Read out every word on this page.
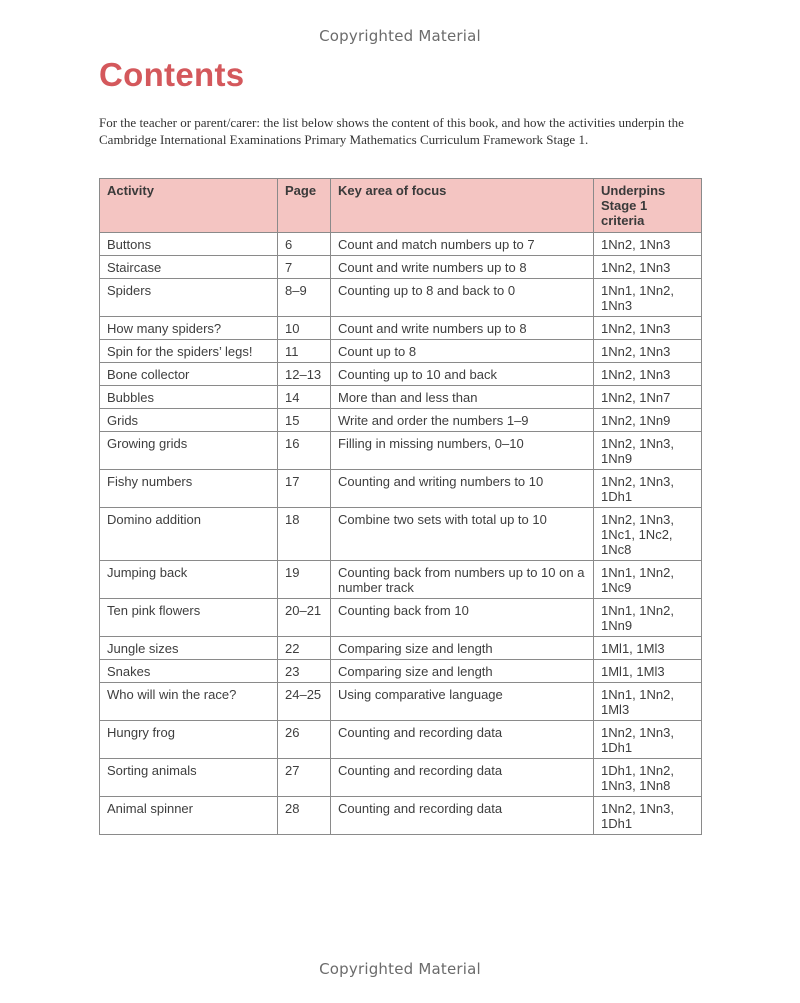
Copyrighted Material
Contents

For the teacher or parent/carer: the list below shows the content of this book, and how the activities underpin the Cambridge International Examinations Primary Mathematics Curriculum Framework Stage 1.

Activity	Page	Key area of focus	Underpins Stage 1 criteria
Buttons	6	Count and match numbers up to 7	1Nn2, 1Nn3
Staircase	7	Count and write numbers up to 8	1Nn2, 1Nn3
Spiders	8–9	Counting up to 8 and back to 0	1Nn1, 1Nn2, 1Nn3
How many spiders?	10	Count and write numbers up to 8	1Nn2, 1Nn3
Spin for the spiders’ legs!	11	Count up to 8	1Nn2, 1Nn3
Bone collector	12–13	Counting up to 10 and back	1Nn2, 1Nn3
Bubbles	14	More than and less than	1Nn2, 1Nn7
Grids	15	Write and order the numbers 1–9	1Nn2, 1Nn9
Growing grids	16	Filling in missing numbers, 0–10	1Nn2, 1Nn3, 1Nn9
Fishy numbers	17	Counting and writing numbers to 10	1Nn2, 1Nn3, 1Dh1
Domino addition	18	Combine two sets with total up to 10	1Nn2, 1Nn3, 1Nc1, 1Nc2, 1Nc8
Jumping back	19	Counting back from numbers up to 10 on a number track	1Nn1, 1Nn2, 1Nc9
Ten pink flowers	20–21	Counting back from 10	1Nn1, 1Nn2, 1Nn9
Jungle sizes	22	Comparing size and length	1Ml1, 1Ml3
Snakes	23	Comparing size and length	1Ml1, 1Ml3
Who will win the race?	24–25	Using comparative language	1Nn1, 1Nn2, 1Ml3
Hungry frog	26	Counting and recording data	1Nn2, 1Nn3, 1Dh1
Sorting animals	27	Counting and recording data	1Dh1, 1Nn2, 1Nn3, 1Nn8
Animal spinner	28	Counting and recording data	1Nn2, 1Nn3, 1Dh1
Copyrighted Material
